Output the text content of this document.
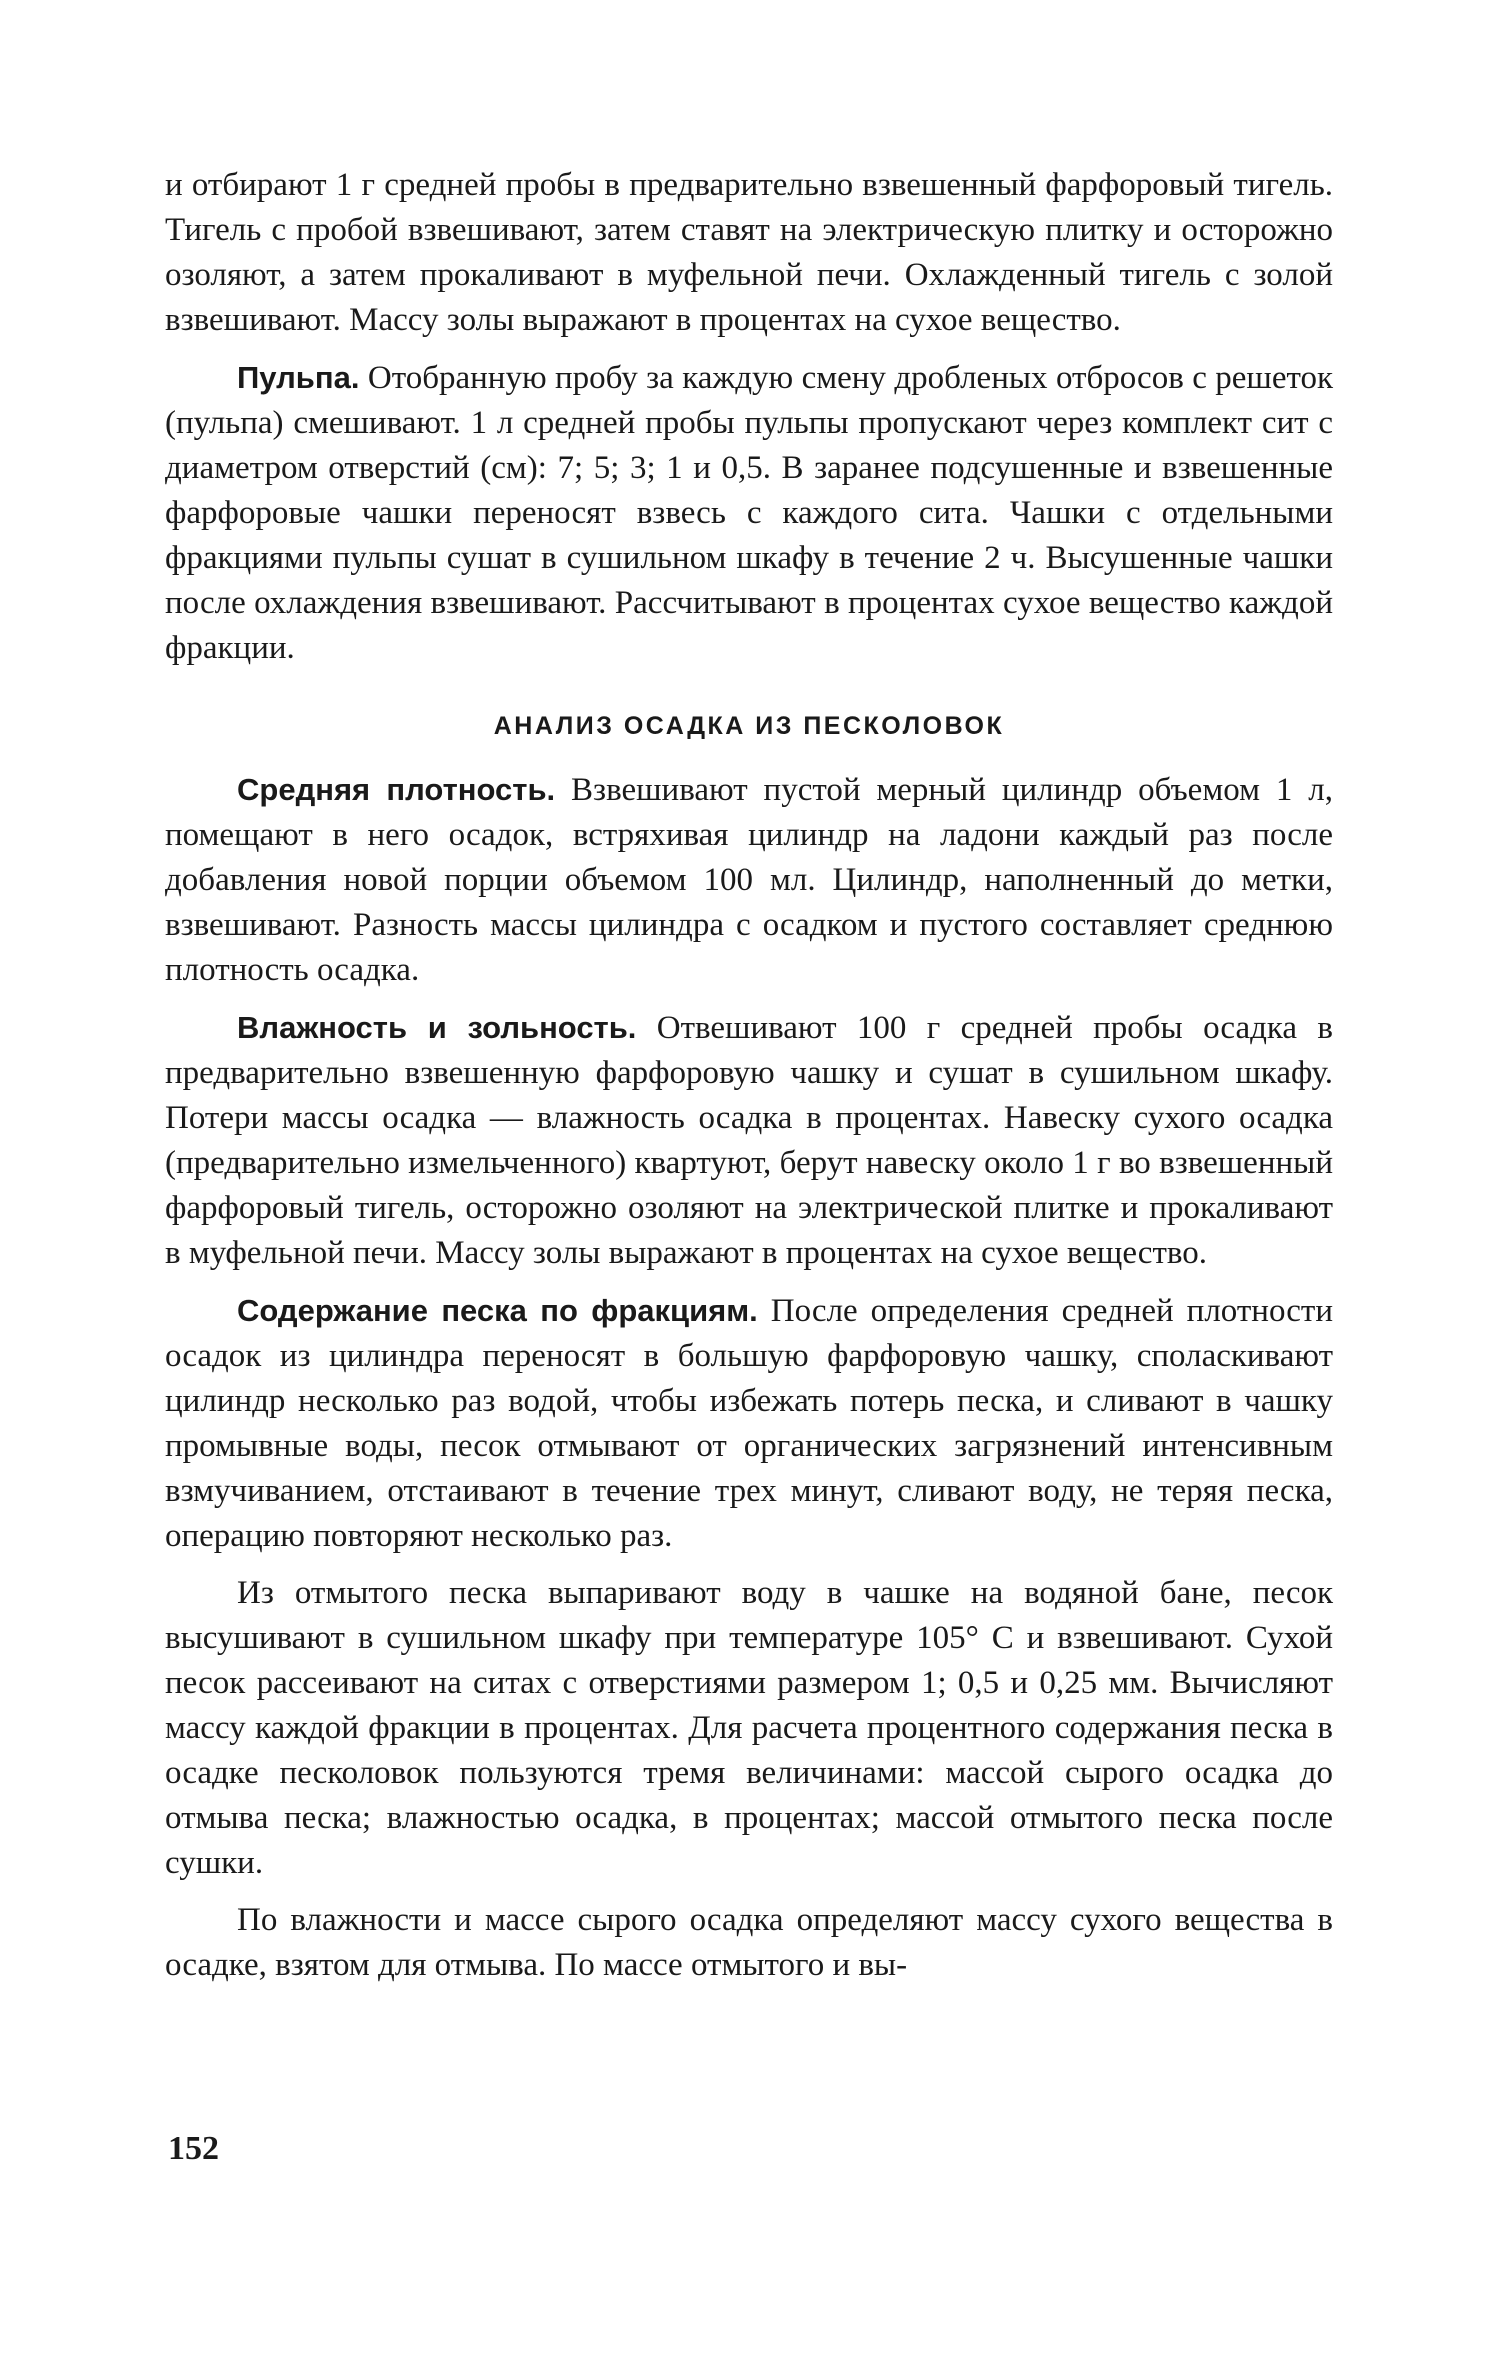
и отбирают 1 г средней пробы в предварительно взвешенный фарфоровый тигель. Тигель с пробой взвешивают, затем ставят на электрическую плитку и осторожно озоляют, а затем прокаливают в муфельной печи. Охлажденный тигель с золой взвешивают. Массу золы выражают в процентах на сухое вещество.

Пульпа. Отобранную пробу за каждую смену дробленых отбросов с решеток (пульпа) смешивают. 1 л средней пробы пульпы пропускают через комплект сит с диаметром отверстий (см): 7; 5; 3; 1 и 0,5. В заранее подсушенные и взвешенные фарфоровые чашки переносят взвесь с каждого сита. Чашки с отдельными фракциями пульпы сушат в сушильном шкафу в течение 2 ч. Высушенные чашки после охлаждения взвешивают. Рассчитывают в процентах сухое вещество каждой фракции.

АНАЛИЗ ОСАДКА ИЗ ПЕСКОЛОВОК

Средняя плотность. Взвешивают пустой мерный цилиндр объемом 1 л, помещают в него осадок, встряхивая цилиндр на ладони каждый раз после добавления новой порции объемом 100 мл. Цилиндр, наполненный до метки, взвешивают. Разность массы цилиндра с осадком и пустого составляет среднюю плотность осадка.

Влажность и зольность. Отвешивают 100 г средней пробы осадка в предварительно взвешенную фарфоровую чашку и сушат в сушильном шкафу. Потери массы осадка — влажность осадка в процентах. Навеску сухого осадка (предварительно измельченного) квартуют, берут навеску около 1 г во взвешенный фарфоровый тигель, осторожно озоляют на электрической плитке и прокаливают в муфельной печи. Массу золы выражают в процентах на сухое вещество.

Содержание песка по фракциям. После определения средней плотности осадок из цилиндра переносят в большую фарфоровую чашку, споласкивают цилиндр несколько раз водой, чтобы избежать потерь песка, и сливают в чашку промывные воды, песок отмывают от органических загрязнений интенсивным взмучиванием, отстаивают в течение трех минут, сливают воду, не теряя песка, операцию повторяют несколько раз.

Из отмытого песка выпаривают воду в чашке на водяной бане, песок высушивают в сушильном шкафу при температуре 105° С и взвешивают. Сухой песок рассеивают на ситах с отверстиями размером 1; 0,5 и 0,25 мм. Вычисляют массу каждой фракции в процентах. Для расчета процентного содержания песка в осадке песколовок пользуются тремя величинами: массой сырого осадка до отмыва песка; влажностью осадка, в процентах; массой отмытого песка после сушки.

По влажности и массе сырого осадка определяют массу сухого вещества в осадке, взятом для отмыва. По массе отмытого и вы-

152
